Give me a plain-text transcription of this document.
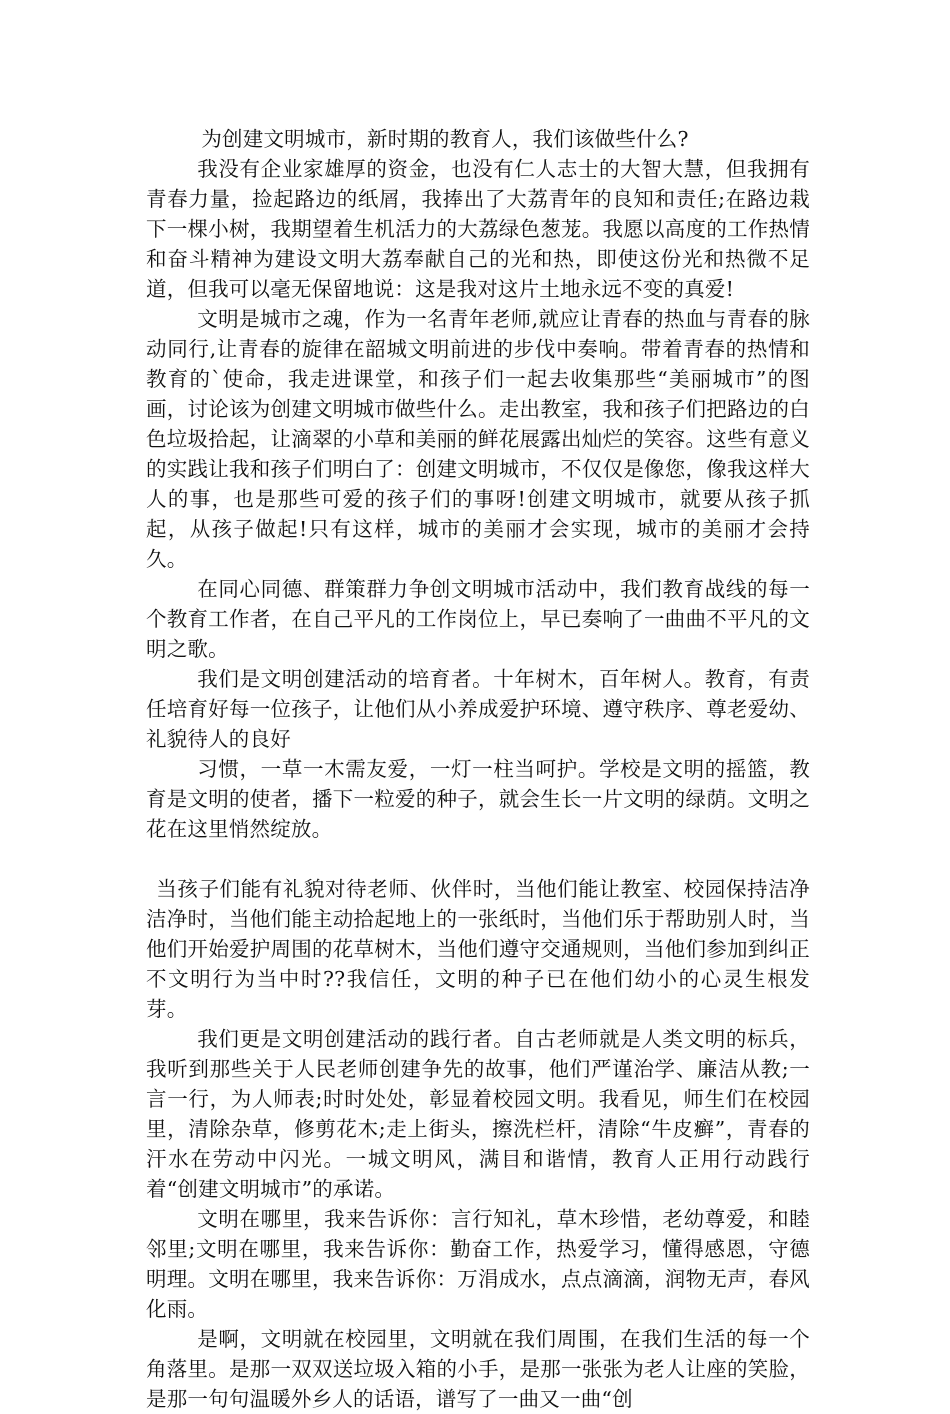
为创建文明城市，新时期的教育人，我们该做些什么?

我没有企业家雄厚的资金，也没有仁人志士的大智大慧，但我拥有青春力量，捡起路边的纸屑，我捧出了大荔青年的良知和责任;在路边栽下一棵小树，我期望着生机活力的大荔绿色葱茏。我愿以高度的工作热情和奋斗精神为建设文明大荔奉献自己的光和热，即使这份光和热微不足道，但我可以毫无保留地说：这是我对这片土地永远不变的真爱!

文明是城市之魂，作为一名青年老师,就应让青春的热血与青春的脉动同行,让青春的旋律在韶城文明前进的步伐中奏响。带着青春的热情和教育的`使命，我走进课堂，和孩子们一起去收集那些“美丽城市”的图画，讨论该为创建文明城市做些什么。走出教室，我和孩子们把路边的白色垃圾拾起，让滴翠的小草和美丽的鲜花展露出灿烂的笑容。这些有意义的实践让我和孩子们明白了：创建文明城市，不仅仅是像您，像我这样大人的事，也是那些可爱的孩子们的事呀!创建文明城市，就要从孩子抓起，从孩子做起!只有这样，城市的美丽才会实现，城市的美丽才会持久。

在同心同德、群策群力争创文明城市活动中，我们教育战线的每一个教育工作者，在自己平凡的工作岗位上，早已奏响了一曲曲不平凡的文明之歌。

我们是文明创建活动的培育者。十年树木，百年树人。教育，有责任培育好每一位孩子，让他们从小养成爱护环境、遵守秩序、尊老爱幼、礼貌待人的良好

习惯，一草一木需友爱，一灯一柱当呵护。学校是文明的摇篮，教育是文明的使者，播下一粒爱的种子，就会生长一片文明的绿荫。文明之花在这里悄然绽放。

当孩子们能有礼貌对待老师、伙伴时，当他们能让教室、校园保持洁净洁净时，当他们能主动拾起地上的一张纸时，当他们乐于帮助别人时，当他们开始爱护周围的花草树木，当他们遵守交通规则，当他们参加到纠正不文明行为当中时??我信任，文明的种子已在他们幼小的心灵生根发芽。

我们更是文明创建活动的践行者。自古老师就是人类文明的标兵，我听到那些关于人民老师创建争先的故事，他们严谨治学、廉洁从教;一言一行，为人师表;时时处处，彰显着校园文明。我看见，师生们在校园里，清除杂草，修剪花木;走上街头，擦洗栏杆，清除“牛皮癣”，青春的汗水在劳动中闪光。一城文明风，满目和谐情，教育人正用行动践行着“创建文明城市”的承诺。

文明在哪里，我来告诉你：言行知礼，草木珍惜，老幼尊爱，和睦邻里;文明在哪里，我来告诉你：勤奋工作，热爱学习，懂得感恩，守德明理。文明在哪里，我来告诉你：万涓成水，点点滴滴，润物无声，春风化雨。

是啊，文明就在校园里，文明就在我们周围，在我们生活的每一个角落里。是那一双双送垃圾入箱的小手，是那一张张为老人让座的笑脸，是那一句句温暖外乡人的话语，谱写了一曲又一曲“创
